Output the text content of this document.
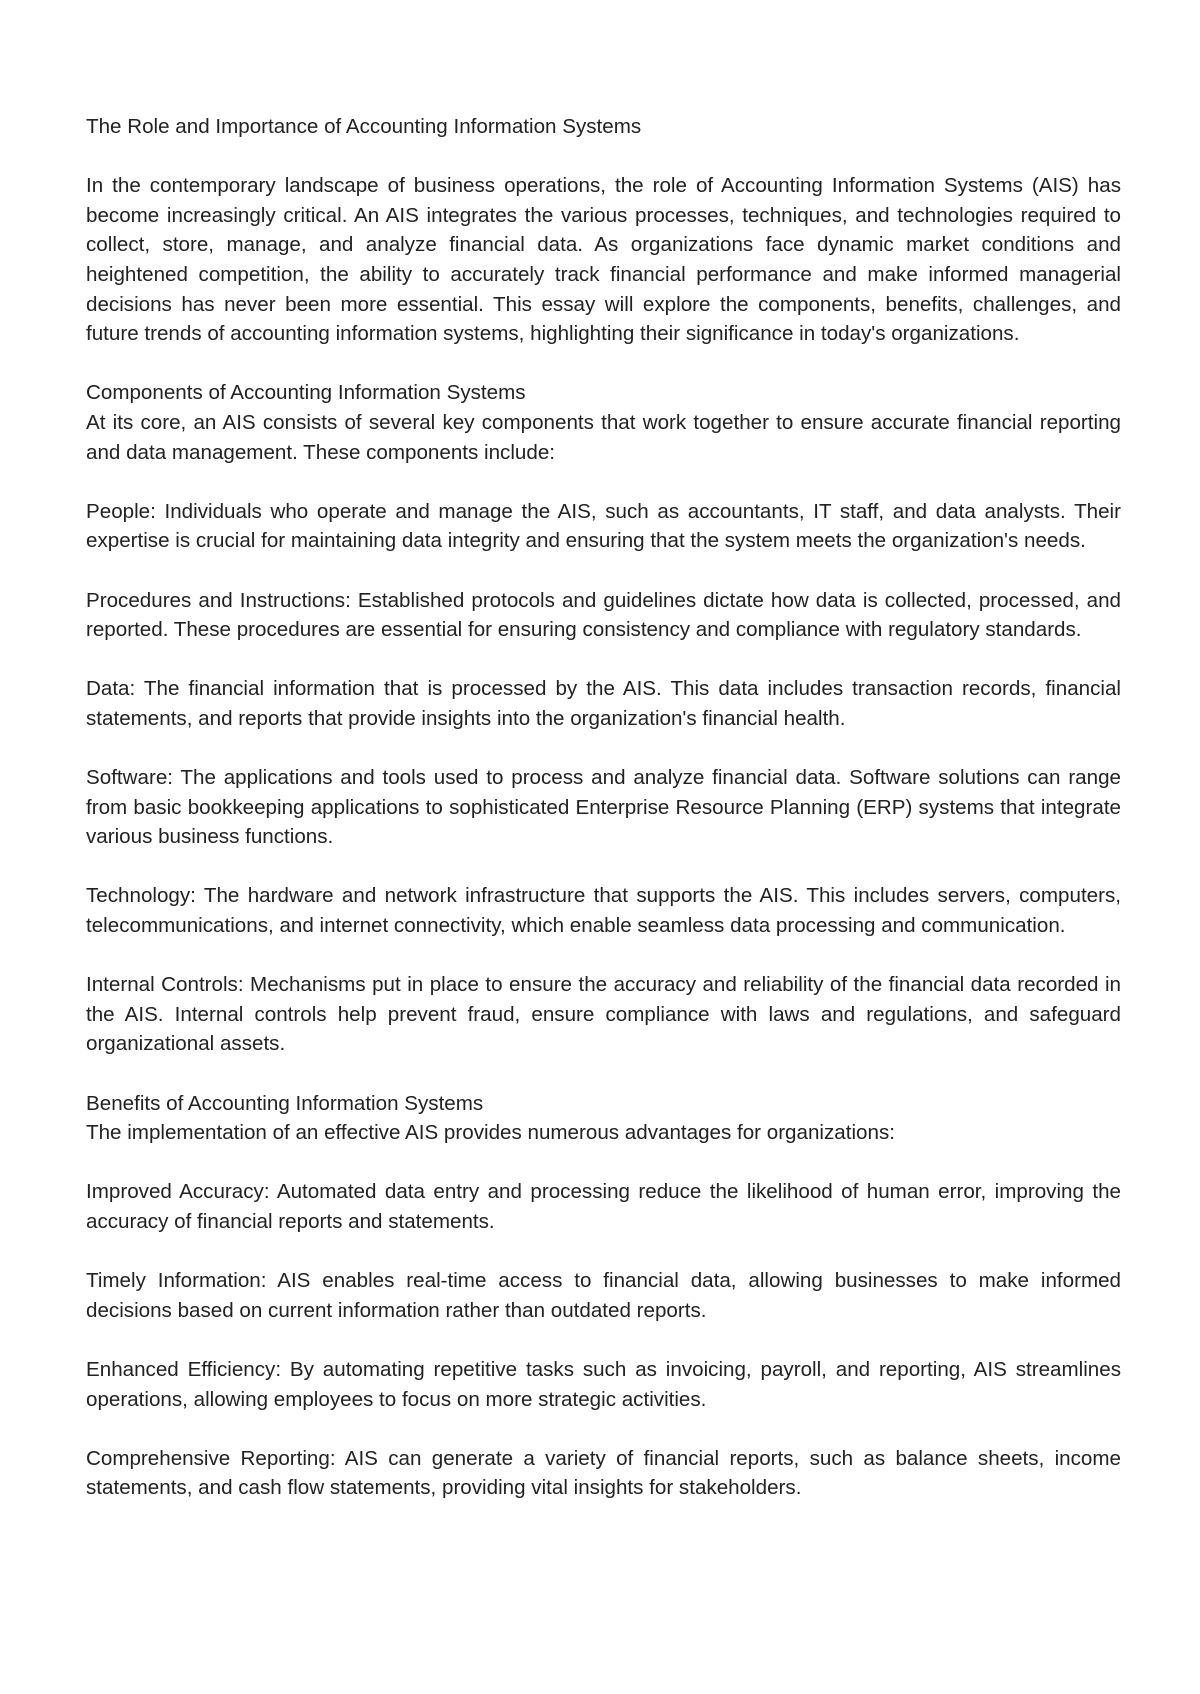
The Role and Importance of Accounting Information Systems

In the contemporary landscape of business operations, the role of Accounting Information Systems (AIS) has become increasingly critical. An AIS integrates the various processes, techniques, and technologies required to collect, store, manage, and analyze financial data. As organizations face dynamic market conditions and heightened competition, the ability to accurately track financial performance and make informed managerial decisions has never been more essential. This essay will explore the components, benefits, challenges, and future trends of accounting information systems, highlighting their significance in today's organizations.

Components of Accounting Information Systems

At its core, an AIS consists of several key components that work together to ensure accurate financial reporting and data management. These components include:

People: Individuals who operate and manage the AIS, such as accountants, IT staff, and data analysts. Their expertise is crucial for maintaining data integrity and ensuring that the system meets the organization's needs.

Procedures and Instructions: Established protocols and guidelines dictate how data is collected, processed, and reported. These procedures are essential for ensuring consistency and compliance with regulatory standards.

Data: The financial information that is processed by the AIS. This data includes transaction records, financial statements, and reports that provide insights into the organization's financial health.

Software: The applications and tools used to process and analyze financial data. Software solutions can range from basic bookkeeping applications to sophisticated Enterprise Resource Planning (ERP) systems that integrate various business functions.

Technology: The hardware and network infrastructure that supports the AIS. This includes servers, computers, telecommunications, and internet connectivity, which enable seamless data processing and communication.

Internal Controls: Mechanisms put in place to ensure the accuracy and reliability of the financial data recorded in the AIS. Internal controls help prevent fraud, ensure compliance with laws and regulations, and safeguard organizational assets.

Benefits of Accounting Information Systems

The implementation of an effective AIS provides numerous advantages for organizations:

Improved Accuracy: Automated data entry and processing reduce the likelihood of human error, improving the accuracy of financial reports and statements.

Timely Information: AIS enables real-time access to financial data, allowing businesses to make informed decisions based on current information rather than outdated reports.

Enhanced Efficiency: By automating repetitive tasks such as invoicing, payroll, and reporting, AIS streamlines operations, allowing employees to focus on more strategic activities.

Comprehensive Reporting: AIS can generate a variety of financial reports, such as balance sheets, income statements, and cash flow statements, providing vital insights for stakeholders.
